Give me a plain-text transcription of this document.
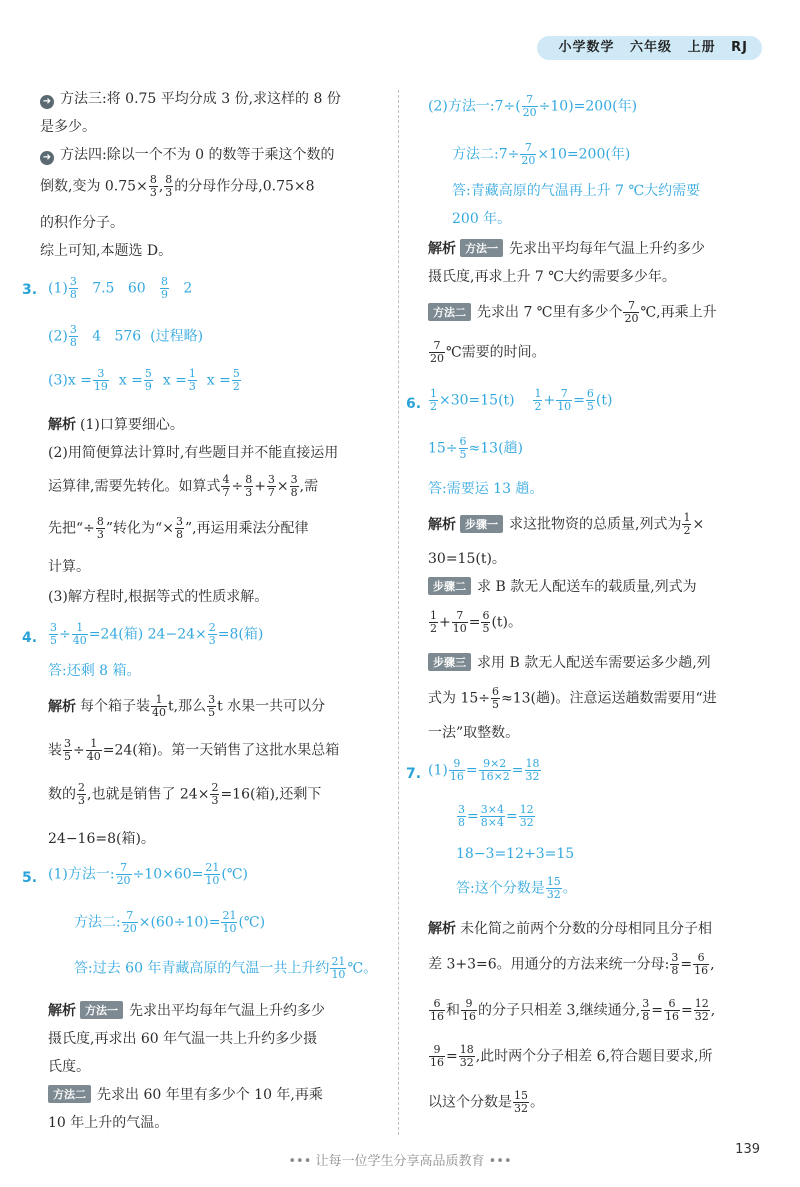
小学数学 六年级 上册 RJ
➜ 方法三:将 0.75 平均分成 3 份,求这样的 8 份
是多少。
➜ 方法四:除以一个不为 0 的数等于乘这个数的
倒数,变为 $0.75\times \frac{8}{3}$ , $\frac{8}{3}$ 的分母作分母,0.75×8
的积作分子。
综上可知,本题选 D。
3. $(1) \frac{3}{8} 7.5$ $60 \frac{8}{9} 2$
$(2) \frac{3}{8} 4$ 576 (过程略)
$(3)x = \frac{3}{19}$ $x = \frac{5}{9}$ $x = \frac{1}{3}$ $x = \frac{5}{2}$
解析 (1)口算要细心。
(2)用简便算法计算时,有些题目并不能直接运用
运算律,需要先转化。如算式 $\frac{4}{7} \div \frac{8}{3} + \frac{3}{7} \times \frac{3}{8}$ ,需
先把“÷ $\frac{8}{3}$ ”转化为“× $\frac{3}{8}$ ”,再运用乘法分配律
计算。
(3)解方程时,根据等式的性质求解。
4. $\frac{3}{5} \div \frac{1}{40} =24$(箱) $24-24\times \frac{2}{3} =8$(箱)
答:还剩 8 箱。
解析 每个箱子装 $\frac{1}{40} t$,那么 $\frac{3}{5}$ t 水果一共可以分
装 $\frac{3}{5} \div \frac{1}{40} =24$(箱)。第一天销售了这批水果总箱
数的 $\frac{2}{3}$ ,也就是销售了 $24\times \frac{2}{3} =16$(箱),还剩下
24−16=8(箱)。
5. (1)方法一: $\frac{7}{20} \div 10\times 60= \frac{21}{10}$ (℃)
方法二: $\frac{7}{20} \times(60\div 10)= \frac{21}{10}$ (℃)
答:过去 60 年青藏高原的气温一共上升约 $\frac{21}{10}$ ℃。
解析 方法一 先求出平均每年气温上升约多少
摄氏度,再求出 60 年气温一共上升约多少摄
氏度。
方法二 先求出 60 年里有多少个 10 年,再乘
10 年上升的气温。
(2)方法一:7÷( $\frac{7}{20} \div 10)=200$(年)
方法二:7÷ $\frac{7}{20} \times 10=200$(年)
答:青藏高原的气温再上升 7 ℃大约需要
200 年。
解析 方法一 先求出平均每年气温上升约多少
摄氏度,再求上升 7 ℃大约需要多少年。
方法二 先求出 7 ℃里有多少个 $\frac{7}{20}$ ℃,再乘上升
$\frac{7}{20}$ ℃需要的时间。
6. $\frac{1}{2} \times 30=15(t) \frac{1}{2} + \frac{7}{10} = \frac{6}{5} (t)$
$15\div \frac{6}{5} \approx 13$(趟)
答:需要运 13 趟。
解析 步骤一 求这批物资的总质量,列式为 $\frac{1}{2}$ ×
30=15(t)。
步骤二 求 B 款无人配送车的载质量,列式为
$\frac{1}{2} + \frac{7}{10} = \frac{6}{5} (t)$。
步骤三 求用 B 款无人配送车需要运多少趟,列
式为 $15\div \frac{6}{5} \approx 13$(趟)。注意运送趟数需要用“进
一法”取整数。
7. $(1) \frac{9}{16} = \frac{9\times 2}{16\times 2} = \frac{18}{32}$
$\frac{3}{8} = \frac{3\times 4}{8\times 4} = \frac{12}{32}$
18−3=12+3=15
答:这个分数是 $\frac{15}{32}$ 。
解析 未化简之前两个分数的分母相同且分子相
差 3+3=6。用通分的方法来统一分母: $\frac{3}{8} = \frac{6}{16}$ ,
$\frac{6}{16}$ 和 $\frac{9}{16}$ 的分子只相差 3,继续通分, $\frac{3}{8} = \frac{6}{16} = \frac{12}{32}$ ,
$\frac{9}{16} = \frac{18}{32}$ ,此时两个分子相差 6,符合题目要求,所
以这个分数是 $\frac{15}{32}$ 。
••• 让每一位学生分享高品质教育 •••
139
